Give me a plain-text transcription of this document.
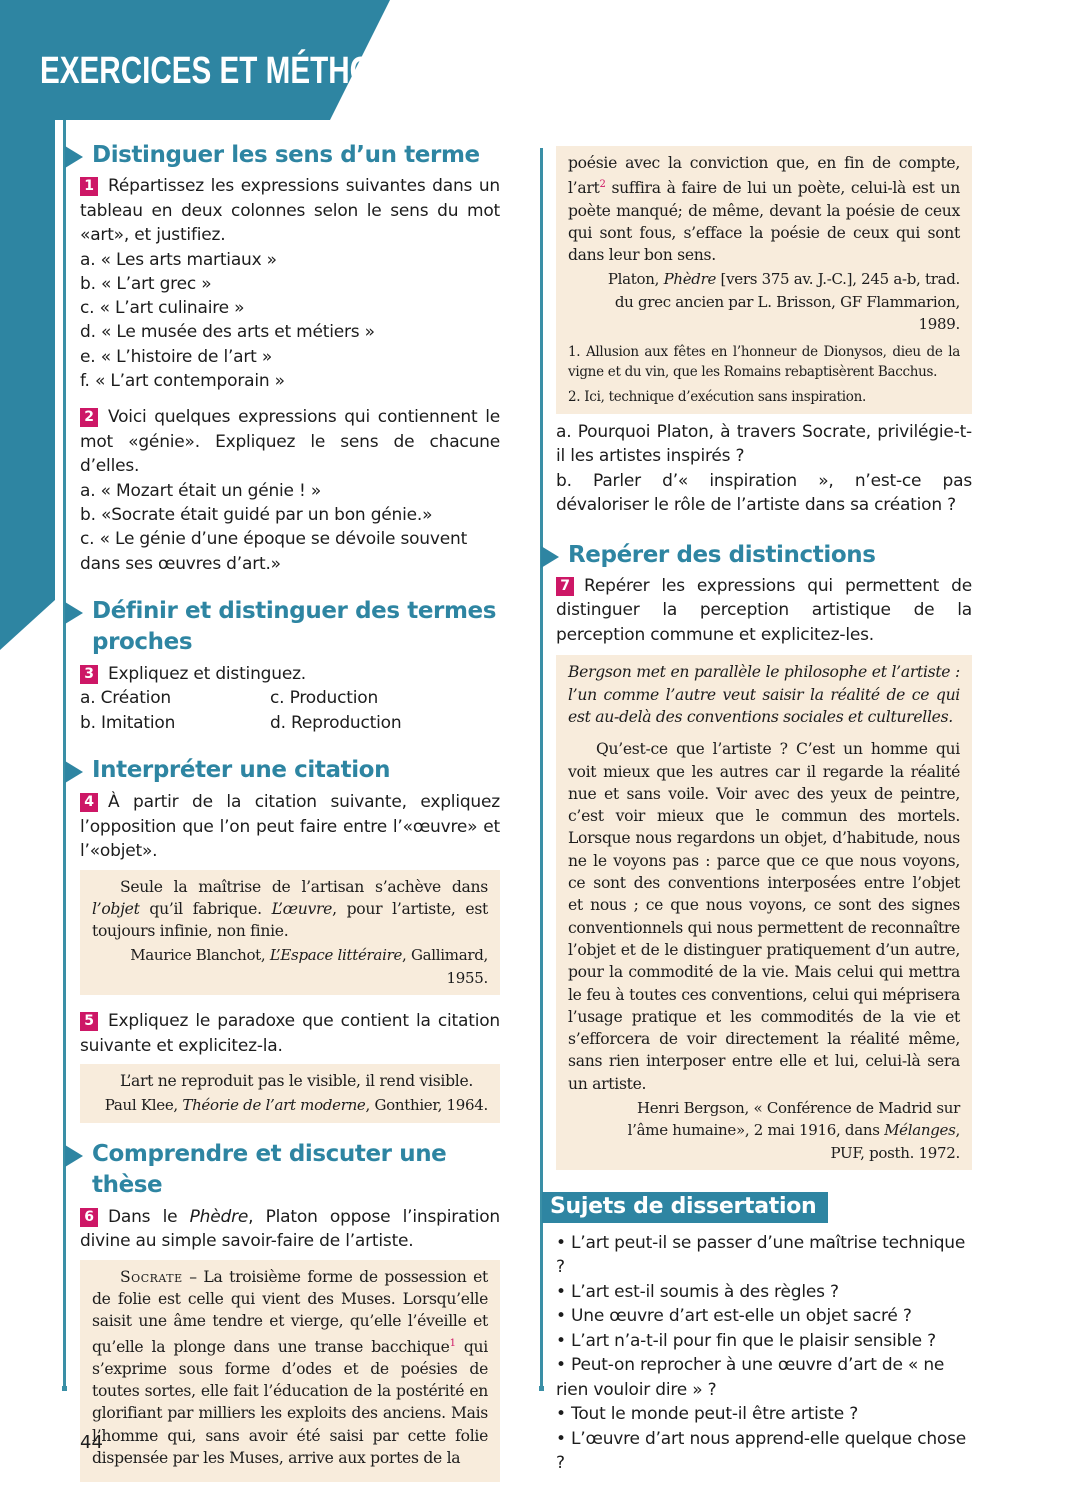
EXERCICES ET MÉTHODES
Distinguer les sens d’un terme

1 Répartissez les expressions suivantes dans un tableau en deux colonnes selon le sens du mot «art», et justifiez.

a. « Les arts martiaux »
b. « L’art grec »
c. « L’art culinaire »
d. « Le musée des arts et métiers »
e. « L’histoire de l’art »
f. « L’art contemporain »

2 Voici quelques expressions qui contiennent le mot «génie». Expliquez le sens de chacune d’elles.

a. « Mozart était un génie ! »
b. «Socrate était guidé par un bon génie.»
c. « Le génie d’une époque se dévoile souvent dans ses œuvres d’art.»
Définir et distinguer des termes
proches

3 Expliquez et distinguez.

a. Création	c. Production
b. Imitation	d. Reproduction
Interpréter une citation

4 À partir de la citation suivante, expliquez l’opposition que l’on peut faire entre l’«œuvre» et l’«objet».

Seule la maîtrise de l’artisan s’achève dans l’objet qu’il fabrique. L’œuvre, pour l’artiste, est toujours infinie, non finie.

Maurice Blanchot, L’Espace littéraire, Gallimard, 1955.

5 Expliquez le paradoxe que contient la citation suivante et explicitez-la.

L’art ne reproduit pas le visible, il rend visible.

Paul Klee, Théorie de l’art moderne, Gonthier, 1964.

Comprendre et discuter une thèse

6 Dans le Phèdre, Platon oppose l’inspiration divine au simple savoir-faire de l’artiste.

Socrate – La troisième forme de possession et de folie est celle qui vient des Muses. Lorsqu’elle saisit une âme tendre et vierge, qu’elle l’éveille et qu’elle la plonge dans une transe bacchique$^1$ qui s’exprime sous forme d’odes et de poésies de toutes sortes, elle fait l’éducation de la postérité en glorifiant par milliers les exploits des anciens. Mais l’homme qui, sans avoir été saisi par cette folie dispensée par les Muses, arrive aux portes de la

poésie avec la conviction que, en fin de compte, l’art$^2$ suffira à faire de lui un poète, celui-là est un poète manqué; de même, devant la poésie de ceux qui sont fous, s’efface la poésie de ceux qui sont dans leur bon sens.

Platon, Phèdre [vers 375 av. J.-C.], 245 a-b, trad. du grec ancien par L. Brisson, GF Flammarion, 1989.

1. Allusion aux fêtes en l’honneur de Dionysos, dieu de la vigne et du vin, que les Romains rebaptisèrent Bacchus.

2. Ici, technique d’exécution sans inspiration.

a. Pourquoi Platon, à travers Socrate, privilégie-t-il les artistes inspirés ?

b. Parler d’« inspiration », n’est-ce pas dévaloriser le rôle de l’artiste dans sa création ?

Repérer des distinctions

7 Repérer les expressions qui permettent de distinguer la perception artistique de la perception commune et explicitez-les.

Bergson met en parallèle le philosophe et l’artiste : l’un comme l’autre veut saisir la réalité de ce qui est au-delà des conventions sociales et culturelles.

Qu’est-ce que l’artiste ? C’est un homme qui voit mieux que les autres car il regarde la réalité nue et sans voile. Voir avec des yeux de peintre, c’est voir mieux que le commun des mortels. Lorsque nous regardons un objet, d’habitude, nous ne le voyons pas : parce que ce que nous voyons, ce sont des conventions interposées entre l’objet et nous ; ce que nous voyons, ce sont des signes conventionnels qui nous permettent de reconnaître l’objet et de le distinguer pratiquement d’un autre, pour la commodité de la vie. Mais celui qui mettra le feu à toutes ces conventions, celui qui méprisera l’usage pratique et les commodités de la vie et s’efforcera de voir directement la réalité même, sans rien interposer entre elle et lui, celui-là sera un artiste.

Henri Bergson, « Conférence de Madrid sur l’âme humaine», 2 mai 1916, dans Mélanges, PUF, posth. 1972.

Sujets de dissertation
• L’art peut-il se passer d’une maîtrise technique ?
• L’art est-il soumis à des règles ?
• Une œuvre d’art est-elle un objet sacré ?
• L’art n’a-t-il pour fin que le plaisir sensible ?
• Peut-on reprocher à une œuvre d’art de « ne rien vouloir dire » ?
• Tout le monde peut-il être artiste ?
• L’œuvre d’art nous apprend-elle quelque chose ?
44
